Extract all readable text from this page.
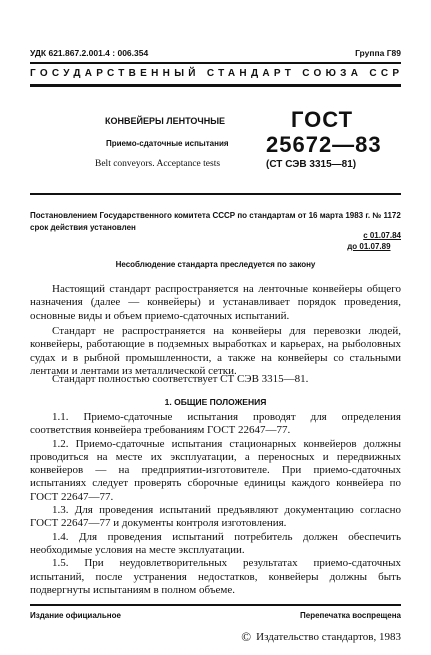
УДК 621.867.2.001.4 : 006.354	Группа Г89
ГОСУДАРСТВЕННЫЙ СТАНДАРТ СОЮЗА ССР
КОНВЕЙЕРЫ ЛЕНТОЧНЫЕ
Приемо-сдаточные испытания
Belt conveyors. Acceptance tests
ГОСТ
25672—83
(СТ СЭВ 3315—81)
Постановлением Государственного комитета СССР по стандартам от 16 марта 1983 г. № 1172 срок действия установлен
с 01.07.84
до 01.07.89
Несоблюдение стандарта преследуется по закону

Настоящий стандарт распространяется на ленточные конвейеры общего назначения (далее — конвейеры) и устанавливает порядок проведения, основные виды и объем приемо-сдаточных испытаний.

Стандарт не распространяется на конвейеры для перевозки людей, конвейеры, работающие в подземных выработках и карьерах, на рыболовных судах и в рыбной промышленности, а также на конвейеры со стальными лентами и лентами из металлической сетки.

Стандарт полностью соответствует СТ СЭВ 3315—81.

1. ОБЩИЕ ПОЛОЖЕНИЯ

1.1. Приемо-сдаточные испытания проводят для определения соответствия конвейера требованиям ГОСТ 22647—77.

1.2. Приемо-сдаточные испытания стационарных конвейеров должны проводиться на месте их эксплуатации, а переносных и передвижных конвейеров — на предприятии-изготовителе. При приемо-сдаточных испытаниях следует проверять сборочные единицы каждого конвейера по ГОСТ 22647—77.

1.3. Для проведения испытаний предъявляют документацию согласно ГОСТ 22647—77 и документы контроля изготовления.

1.4. Для проведения испытаний потребитель должен обеспечить необходимые условия на месте эксплуатации.

1.5. При неудовлетворительных результатах приемо-сдаточных испытаний, после устранения недостатков, конвейеры должны быть подвергнуты испытаниям в полном объеме.

Издание официальное	Перепечатка воспрещена
© Издательство стандартов, 1983
